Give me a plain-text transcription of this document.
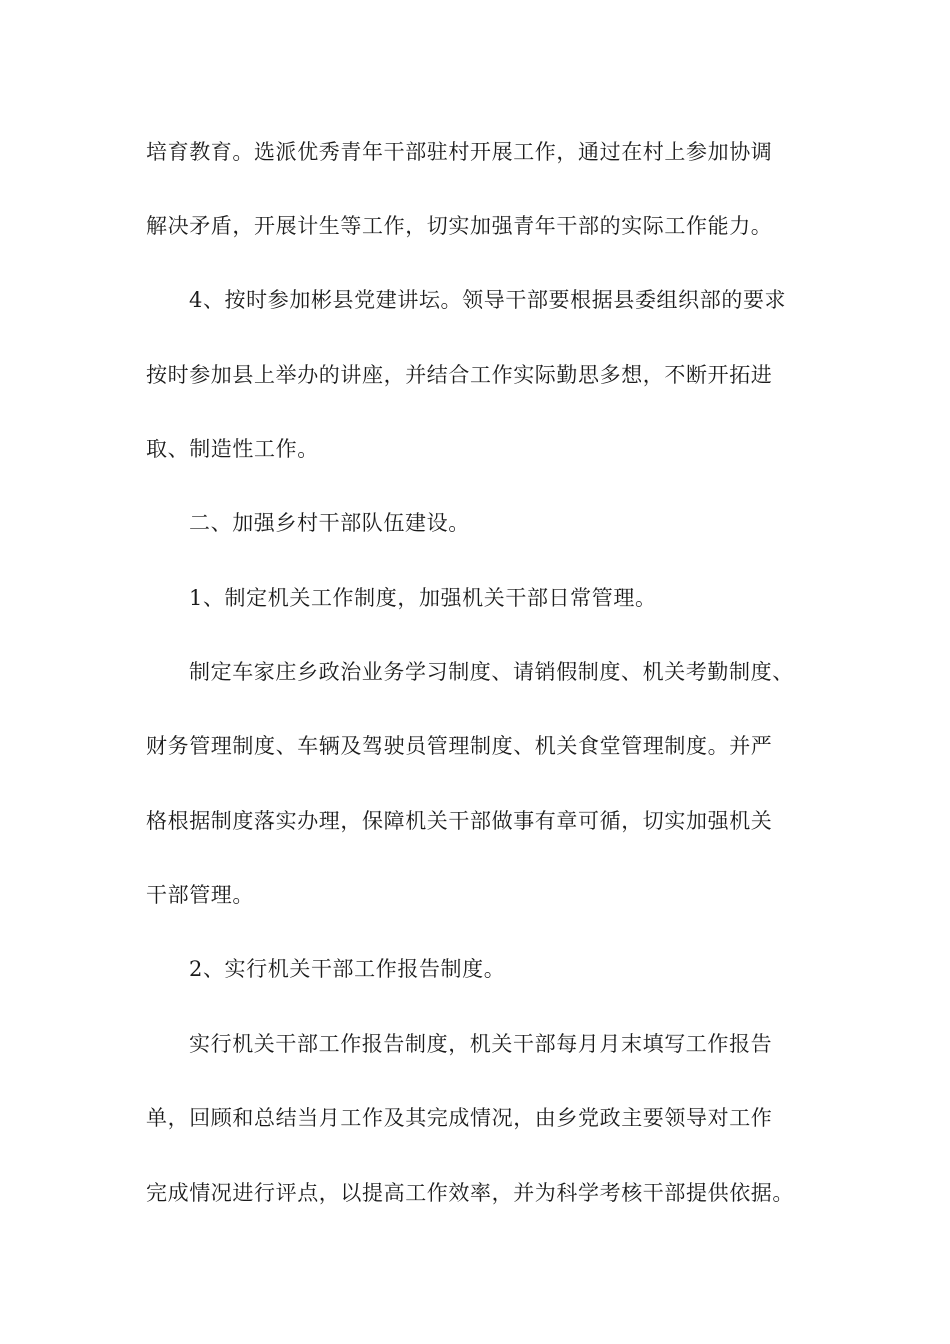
培育教育。选派优秀青年干部驻村开展工作，通过在村上参加协调
解决矛盾，开展计生等工作，切实加强青年干部的实际工作能力。
4、按时参加彬县党建讲坛。领导干部要根据县委组织部的要求
按时参加县上举办的讲座，并结合工作实际勤思多想，不断开拓进
取、制造性工作。
二、加强乡村干部队伍建设。
1、制定机关工作制度，加强机关干部日常管理。
制定车家庄乡政治业务学习制度、请销假制度、机关考勤制度、
财务管理制度、车辆及驾驶员管理制度、机关食堂管理制度。并严
格根据制度落实办理，保障机关干部做事有章可循，切实加强机关
干部管理。
2、实行机关干部工作报告制度。
实行机关干部工作报告制度，机关干部每月月末填写工作报告
单，回顾和总结当月工作及其完成情况，由乡党政主要领导对工作
完成情况进行评点，以提高工作效率，并为科学考核干部提供依据。
